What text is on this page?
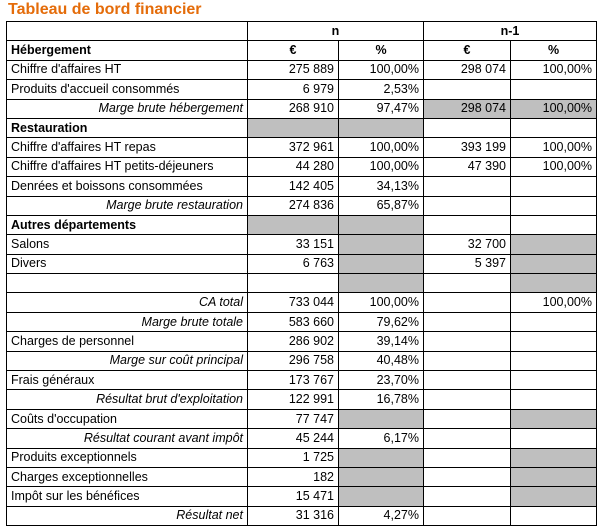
Tableau de bord financier
	n		n-1	
Hébergement	€	%	€	%
Chiffre d'affaires HT	275 889	100,00%	298 074	100,00%
Produits d'accueil consommés	6 979	2,53%		
Marge brute hébergement	268 910	97,47%	298 074	100,00%
Restauration				
Chiffre d'affaires HT repas	372 961	100,00%	393 199	100,00%
Chiffre d'affaires HT petits-déjeuners	44 280	100,00%	47 390	100,00%
Denrées et boissons consommées	142 405	34,13%		
Marge brute restauration	274 836	65,87%		
Autres départements				
Salons	33 151		32 700	
Divers	6 763		5 397	

CA total	733 044	100,00%		100,00%
Marge brute totale	583 660	79,62%		
Charges de personnel	286 902	39,14%		
Marge sur coût principal	296 758	40,48%		
Frais généraux	173 767	23,70%		
Résultat brut d'exploitation	122 991	16,78%		
Coûts d'occupation	77 747			
Résultat courant avant impôt	45 244	6,17%		
Produits exceptionnels	1 725			
Charges exceptionnelles	182			
Impôt sur les bénéfices	15 471			
Résultat net	31 316	4,27%		
